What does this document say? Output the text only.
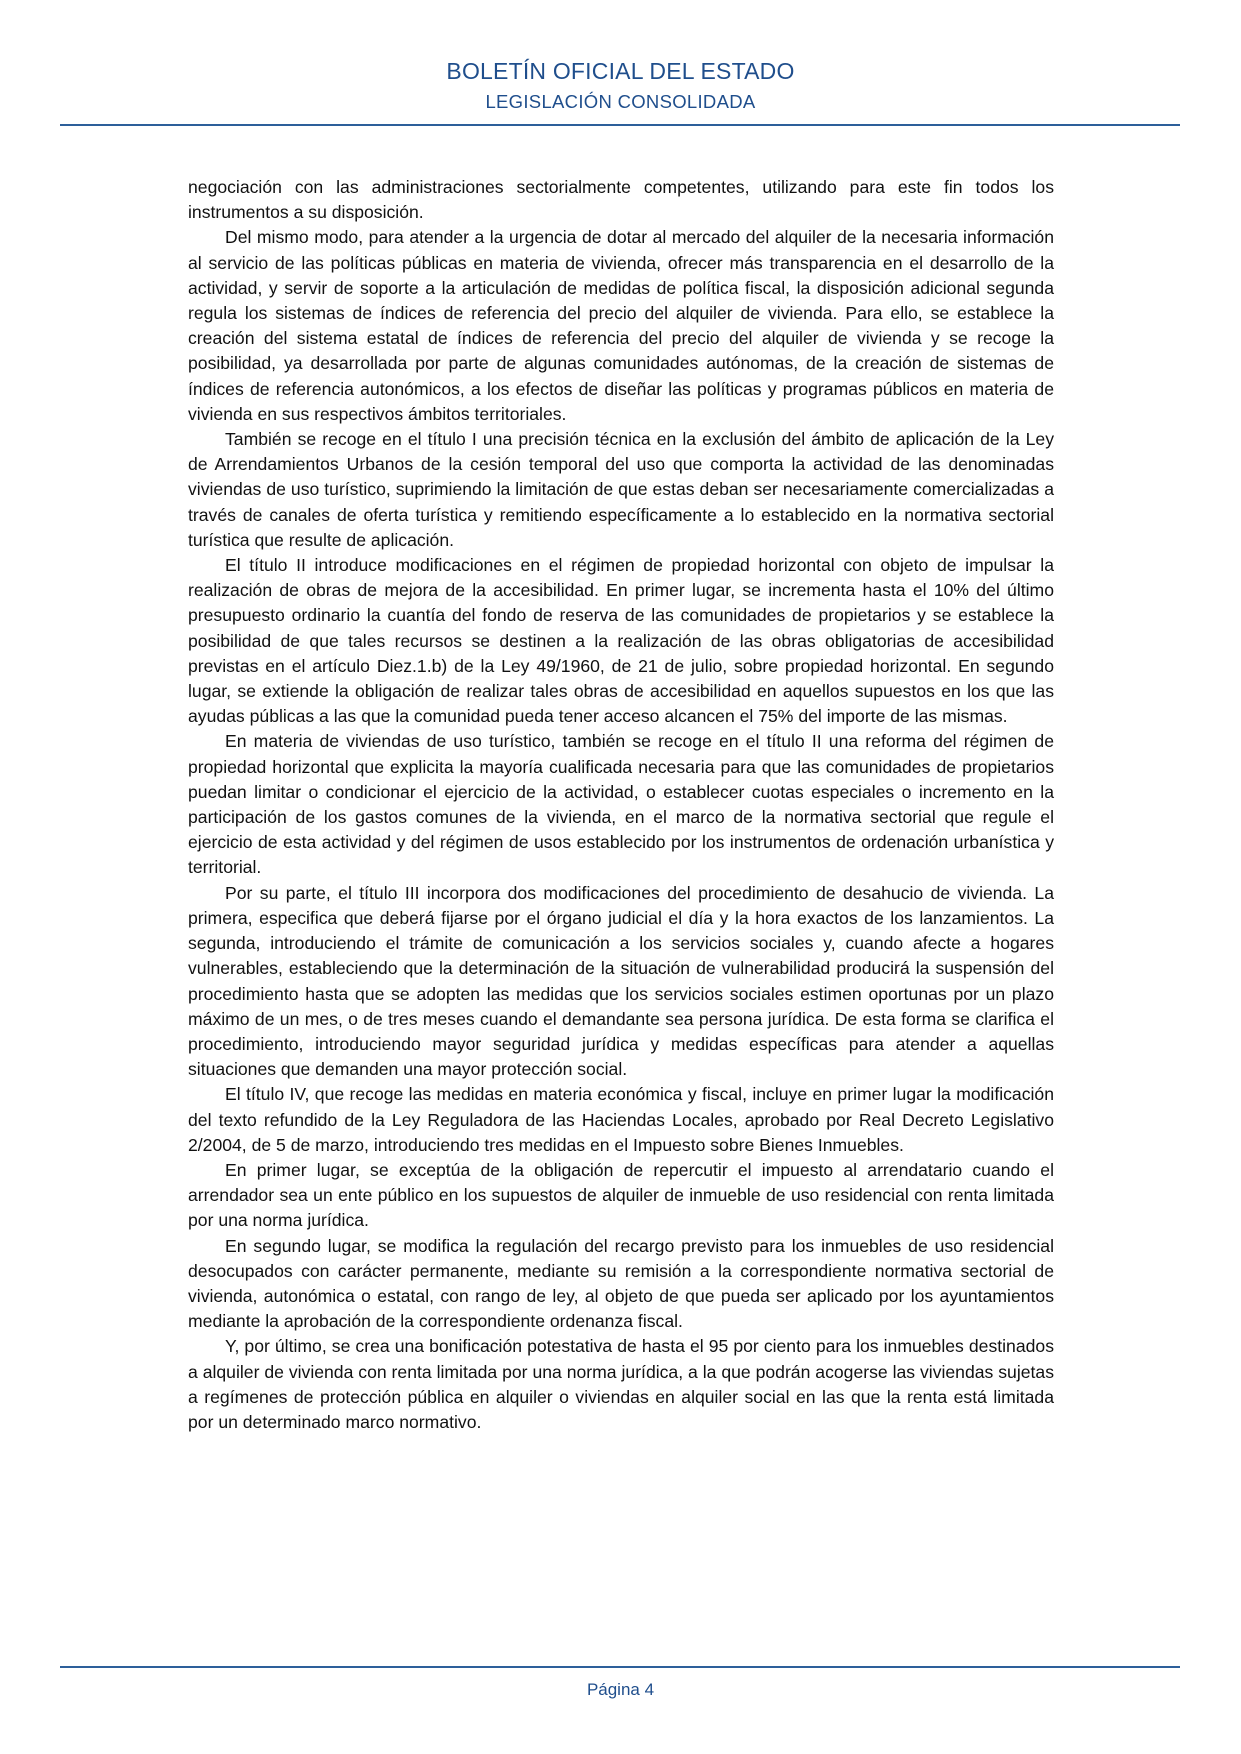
BOLETÍN OFICIAL DEL ESTADO
LEGISLACIÓN CONSOLIDADA

negociación con las administraciones sectorialmente competentes, utilizando para este fin todos los instrumentos a su disposición.

Del mismo modo, para atender a la urgencia de dotar al mercado del alquiler de la necesaria información al servicio de las políticas públicas en materia de vivienda, ofrecer más transparencia en el desarrollo de la actividad, y servir de soporte a la articulación de medidas de política fiscal, la disposición adicional segunda regula los sistemas de índices de referencia del precio del alquiler de vivienda. Para ello, se establece la creación del sistema estatal de índices de referencia del precio del alquiler de vivienda y se recoge la posibilidad, ya desarrollada por parte de algunas comunidades autónomas, de la creación de sistemas de índices de referencia autonómicos, a los efectos de diseñar las políticas y programas públicos en materia de vivienda en sus respectivos ámbitos territoriales.

También se recoge en el título I una precisión técnica en la exclusión del ámbito de aplicación de la Ley de Arrendamientos Urbanos de la cesión temporal del uso que comporta la actividad de las denominadas viviendas de uso turístico, suprimiendo la limitación de que estas deban ser necesariamente comercializadas a través de canales de oferta turística y remitiendo específicamente a lo establecido en la normativa sectorial turística que resulte de aplicación.

El título II introduce modificaciones en el régimen de propiedad horizontal con objeto de impulsar la realización de obras de mejora de la accesibilidad. En primer lugar, se incrementa hasta el 10% del último presupuesto ordinario la cuantía del fondo de reserva de las comunidades de propietarios y se establece la posibilidad de que tales recursos se destinen a la realización de las obras obligatorias de accesibilidad previstas en el artículo Diez.1.b) de la Ley 49/1960, de 21 de julio, sobre propiedad horizontal. En segundo lugar, se extiende la obligación de realizar tales obras de accesibilidad en aquellos supuestos en los que las ayudas públicas a las que la comunidad pueda tener acceso alcancen el 75% del importe de las mismas.

En materia de viviendas de uso turístico, también se recoge en el título II una reforma del régimen de propiedad horizontal que explicita la mayoría cualificada necesaria para que las comunidades de propietarios puedan limitar o condicionar el ejercicio de la actividad, o establecer cuotas especiales o incremento en la participación de los gastos comunes de la vivienda, en el marco de la normativa sectorial que regule el ejercicio de esta actividad y del régimen de usos establecido por los instrumentos de ordenación urbanística y territorial.

Por su parte, el título III incorpora dos modificaciones del procedimiento de desahucio de vivienda. La primera, especifica que deberá fijarse por el órgano judicial el día y la hora exactos de los lanzamientos. La segunda, introduciendo el trámite de comunicación a los servicios sociales y, cuando afecte a hogares vulnerables, estableciendo que la determinación de la situación de vulnerabilidad producirá la suspensión del procedimiento hasta que se adopten las medidas que los servicios sociales estimen oportunas por un plazo máximo de un mes, o de tres meses cuando el demandante sea persona jurídica. De esta forma se clarifica el procedimiento, introduciendo mayor seguridad jurídica y medidas específicas para atender a aquellas situaciones que demanden una mayor protección social.

El título IV, que recoge las medidas en materia económica y fiscal, incluye en primer lugar la modificación del texto refundido de la Ley Reguladora de las Haciendas Locales, aprobado por Real Decreto Legislativo 2/2004, de 5 de marzo, introduciendo tres medidas en el Impuesto sobre Bienes Inmuebles.

En primer lugar, se exceptúa de la obligación de repercutir el impuesto al arrendatario cuando el arrendador sea un ente público en los supuestos de alquiler de inmueble de uso residencial con renta limitada por una norma jurídica.

En segundo lugar, se modifica la regulación del recargo previsto para los inmuebles de uso residencial desocupados con carácter permanente, mediante su remisión a la correspondiente normativa sectorial de vivienda, autonómica o estatal, con rango de ley, al objeto de que pueda ser aplicado por los ayuntamientos mediante la aprobación de la correspondiente ordenanza fiscal.

Y, por último, se crea una bonificación potestativa de hasta el 95 por ciento para los inmuebles destinados a alquiler de vivienda con renta limitada por una norma jurídica, a la que podrán acogerse las viviendas sujetas a regímenes de protección pública en alquiler o viviendas en alquiler social en las que la renta está limitada por un determinado marco normativo.

Página 4
